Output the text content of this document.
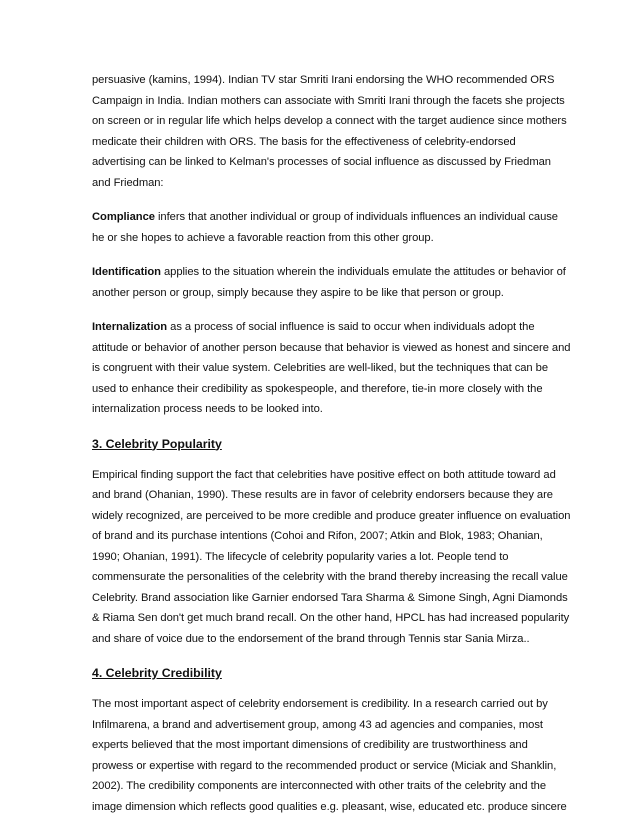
persuasive (kamins, 1994). Indian TV star Smriti Irani endorsing the WHO recommended ORS
Campaign in India. Indian mothers can associate with Smriti Irani through the facets she projects
on screen or in regular life which helps develop a connect with the target audience since mothers
medicate their children with ORS. The basis for the effectiveness of celebrity-endorsed
advertising can be linked to Kelman's processes of social influence as discussed by Friedman
and Friedman:

Compliance infers that another individual or group of individuals influences an individual cause
he or she hopes to achieve a favorable reaction from this other group.

Identification applies to the situation wherein the individuals emulate the attitudes or behavior of
another person or group, simply because they aspire to be like that person or group.

Internalization as a process of social influence is said to occur when individuals adopt the
attitude or behavior of another person because that behavior is viewed as honest and sincere and
is congruent with their value system. Celebrities are well-liked, but the techniques that can be
used to enhance their credibility as spokespeople, and therefore, tie-in more closely with the
internalization process needs to be looked into.

3. Celebrity Popularity

Empirical finding support the fact that celebrities have positive effect on both attitude toward ad
and brand (Ohanian, 1990). These results are in favor of celebrity endorsers because they are
widely recognized, are perceived to be more credible and produce greater influence on evaluation
of brand and its purchase intentions (Cohoi and Rifon, 2007; Atkin and Blok, 1983; Ohanian,
1990; Ohanian, 1991). The lifecycle of celebrity popularity varies a lot. People tend to
commensurate the personalities of the celebrity with the brand thereby increasing the recall value
Celebrity. Brand association like Garnier endorsed Tara Sharma & Simone Singh, Agni Diamonds
& Riama Sen don't get much brand recall. On the other hand, HPCL has had increased popularity
and share of voice due to the endorsement of the brand through Tennis star Sania Mirza..

4. Celebrity Credibility

The most important aspect of celebrity endorsement is credibility. In a research carried out by
Infilmarena, a brand and advertisement group, among 43 ad agencies and companies, most
experts believed that the most important dimensions of credibility are trustworthiness and
prowess or expertise with regard to the recommended product or service (Miciak and Shanklin,
2002). The credibility components are interconnected with other traits of the celebrity and the
image dimension which reflects good qualities e.g. pleasant, wise, educated etc. produce sincere
